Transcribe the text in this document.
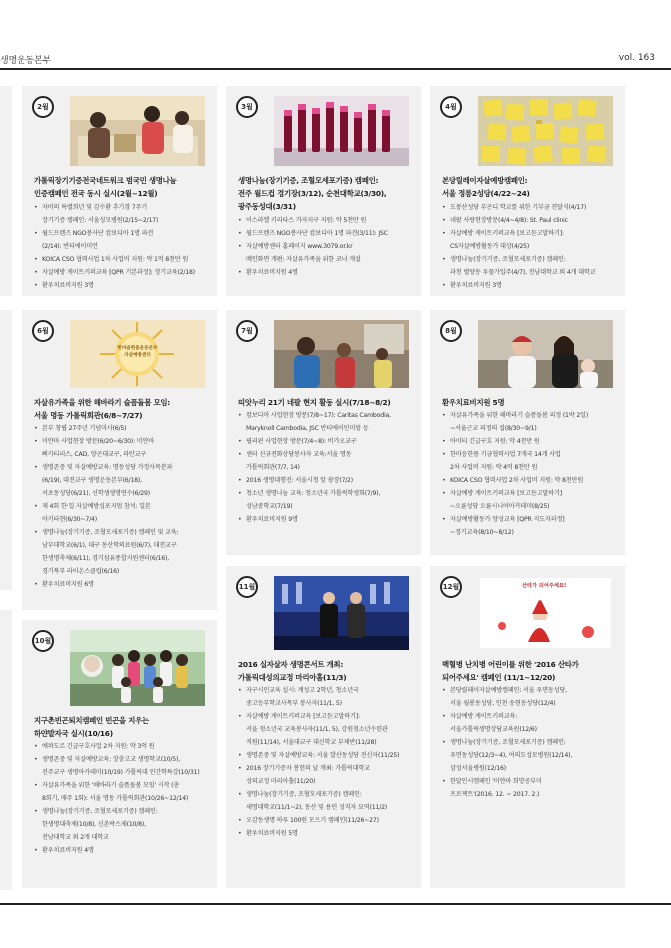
생명운동본부	vol. 163
2월
가톨릭장기기증전국네트워크 범국민 생명나눔
인증캠페인 전국 동시 실시(2월~12월)
• 자비의 특별희년 및 김수환 추기경 7주기
장기기증 캠페인: 서울성모병원(2/15~2/17)
• 월드프렌즈 NGO봉사단 캄보디아 1명 파견
(2/14): 반티에이미언
• KOICA CSO 협력사업 1차 사업비 지원: 약 1억 8천만 원
• 자살예방 게이트키퍼교육 [QPR 기본과정]: 정기교육(2/18)
• 환우치료비지원 3명
3월
생명나눔(장기기증, 조혈모세포기증) 캠페인:
전주 월드컵 경기장(3/12), 순천대학교(3/30),
광주동성대(3/31)
• 이스라엘 키리타스 가자지구 지원: 약 5천만 원
• 월드프렌즈 NGO봉사단 캄보디아 1명 파견(3/11): JSC
• 자살예방센터 홈페이지 www.3079.or.kr
메인화면 개편: 자살유가족을 위한 코너 개설
• 환우치료비지원 4명
4월
본당릴레이자살예방캠페인:
서울 정릉2성당(4/22~24)
• 도봉산성당 부곤디 학교를 위한 기부금 전달식(4/17)
• 네팔 사랑현장방문(4/4~4/8): St. Paul clinic
• 자살예방 게이트키퍼교육 [보고듣고말하기]:
CS자살예방활동가 대상(4/25)
• 생명나눔(장기기증, 조혈모세포기증) 캠페인:
과천 별양동 우물가입주(4/7), 전남대학교 외 4개 대학교
• 환우치료비지원 3명
6월
한마음한몸운동본부
자살예방센터
자살유가족을 위한 해바라기 슬픔돌봄 모임:
서울 명동 가톨릭회관(6/8~7/27)
• 본부 창립 27주년 기념미사(6/5)
• 미얀마 사업현장 방문(6/20~6/30): 미얀마
삐카티리스, CAD, 양곤대교구, 파안교구
• 생명존중 및 자살예방교육: 명동성당 가정사목분과
(6/19), 대전교구 생명운동본부(6/18),
서초동성당(6/21), 신학생생명연수(6/29)
• 제 4회 한·일 자살예방심포지엄 참석: 일본
아키타현(6/30~7/4)
• 생명나눔(장기기증, 조혈모세포기증) 캠페인 및 교육:
남부대학교(6/1), 대구 동산학의료원(6/7), 대전교구
한생명축제(6/11), 경기섬유종합지원센터(6/16),
경기북부 라이온스클럽(6/16)
• 환우치료비지원 6명
7월
띠앗누리 21기 네팔 현지 활동 실시(7/18~8/2)
• 캄보디아 사업현장 방문(7/8~17): Caritas Cambodia,
Maryknoll Cambodia, JSC 반티에이민미엄 등
• 필리핀 사업현장 방문(7/4~8): 비가오교구
• 센터 신규전화상담봉사자 교육:서울 명동
가톨릭회관(7/7, 14)
• 2016 생명대행진: 서울시청 앞 광장(7/2)
• 청소년 생명나눔 교육: 청소년국 가톨릭학생회(7/9),
성남중학교(7/19)
• 환우치료비지원 9명
8월
환우치료비지원 5명
• 자살유가족을 위한 해바라기 슬픔돌봄 피정 (1박 2일)
~서울근교 피정의 집(8/30~9/1)
• 아이티 긴급구호 지원: 약 4천만 원
• 한마음한몸 기금협력사업 7개국 14개 사업
2차 사업비 지원: 약 4억 8천만 원
• KOICA CSO 협력사업 2차 사업비 지원: 약 8천만원
• 자살예방 게이트키퍼교육 [보고듣고말하기]
~오륜성당 오륜시니어아카데미(8/25)
• 자살예방활동가 양성교육 [QPR 지도자과정]
~정기교육(8/10~8/12)
10월
지구촌빈곤퇴치캠페인 빈곤을 지우는
하얀발자국 실시(10/16)
• 에콰도르 긴급구호사업 2차 지원: 약 3억 원
• 생명존중 및 자살예방교육: 장충고교 생명학교(10/5),
전주교구 생명아카데미(10/19) 가톨릭대 인간학특강(10/31)
• 자살유가족을 위한 '해바라기 슬픔돌봄 모임' 시작 (총
8회기, 매주 1회): 서울 명동 가톨릭회관(10/26~12/14)
• 생명나눔(장기기증, 조혈모세포기증) 캠페인:
한생명대축제(10/8), 신촌락스제(10/8),
전남대학교 외 2개 대학교
• 환우치료비지원 4명
11월
2016 실자살자 생명콘서트 개최:
가톨릭대성의교정 마리아홀(11/3)
• 자구시민교육 실시: 계성고 2학년, 청소년국
중고등부학교사목부 봉사자(11/1, 5)
• 자살예방 게이트키퍼교육 [보고듣고말하기]:
서울 청소년국 교육봉사자(11/1, 5), 강원청소년수련관
직원(11/14), 서울대교구 대신학교 부제반(11/28)
• 생명존중 및 자살예방교육: 서울 발산동성당 전신자(11/25)
• 2016 장기기증자 봉헌의 날 개최: 가톨릭대학교
성의교정 마리아홀(11/20)
• 생명나눔(장기기증, 조혈모세포기증) 캠페인:
세명대학교(11/1~2), 동산 및 용인 성직자 묘역(11/2)
• 오감동생명 하루 100원 모으기 캠페인(11/26~27)
• 환우치료비지원 5명
12월	산타가 되어주세요!
백혈병 난치병 어린이를 위한 '2016 산타가
되어주세요' 캠페인 (11/1~12/20)
• 본당릴레이자살예방캠페인: 서울 우면동성당,
서울 월롱동성당, 인천 송현동성당(12/4)
• 자살예방 게이트키퍼교육:
서울가톨릭생명상담교육원(12/6)
• 생명나눔(장기기증, 조혈모세포기증) 캠페인:
우면동성당(12/3~4), 여의도성모병원(12/14),
삼성서울병원(12/16)
• 한달인시캠페인 '미얀마 희망공부미
프로젝트'(2016. 12. ~ 2017. 2.)
